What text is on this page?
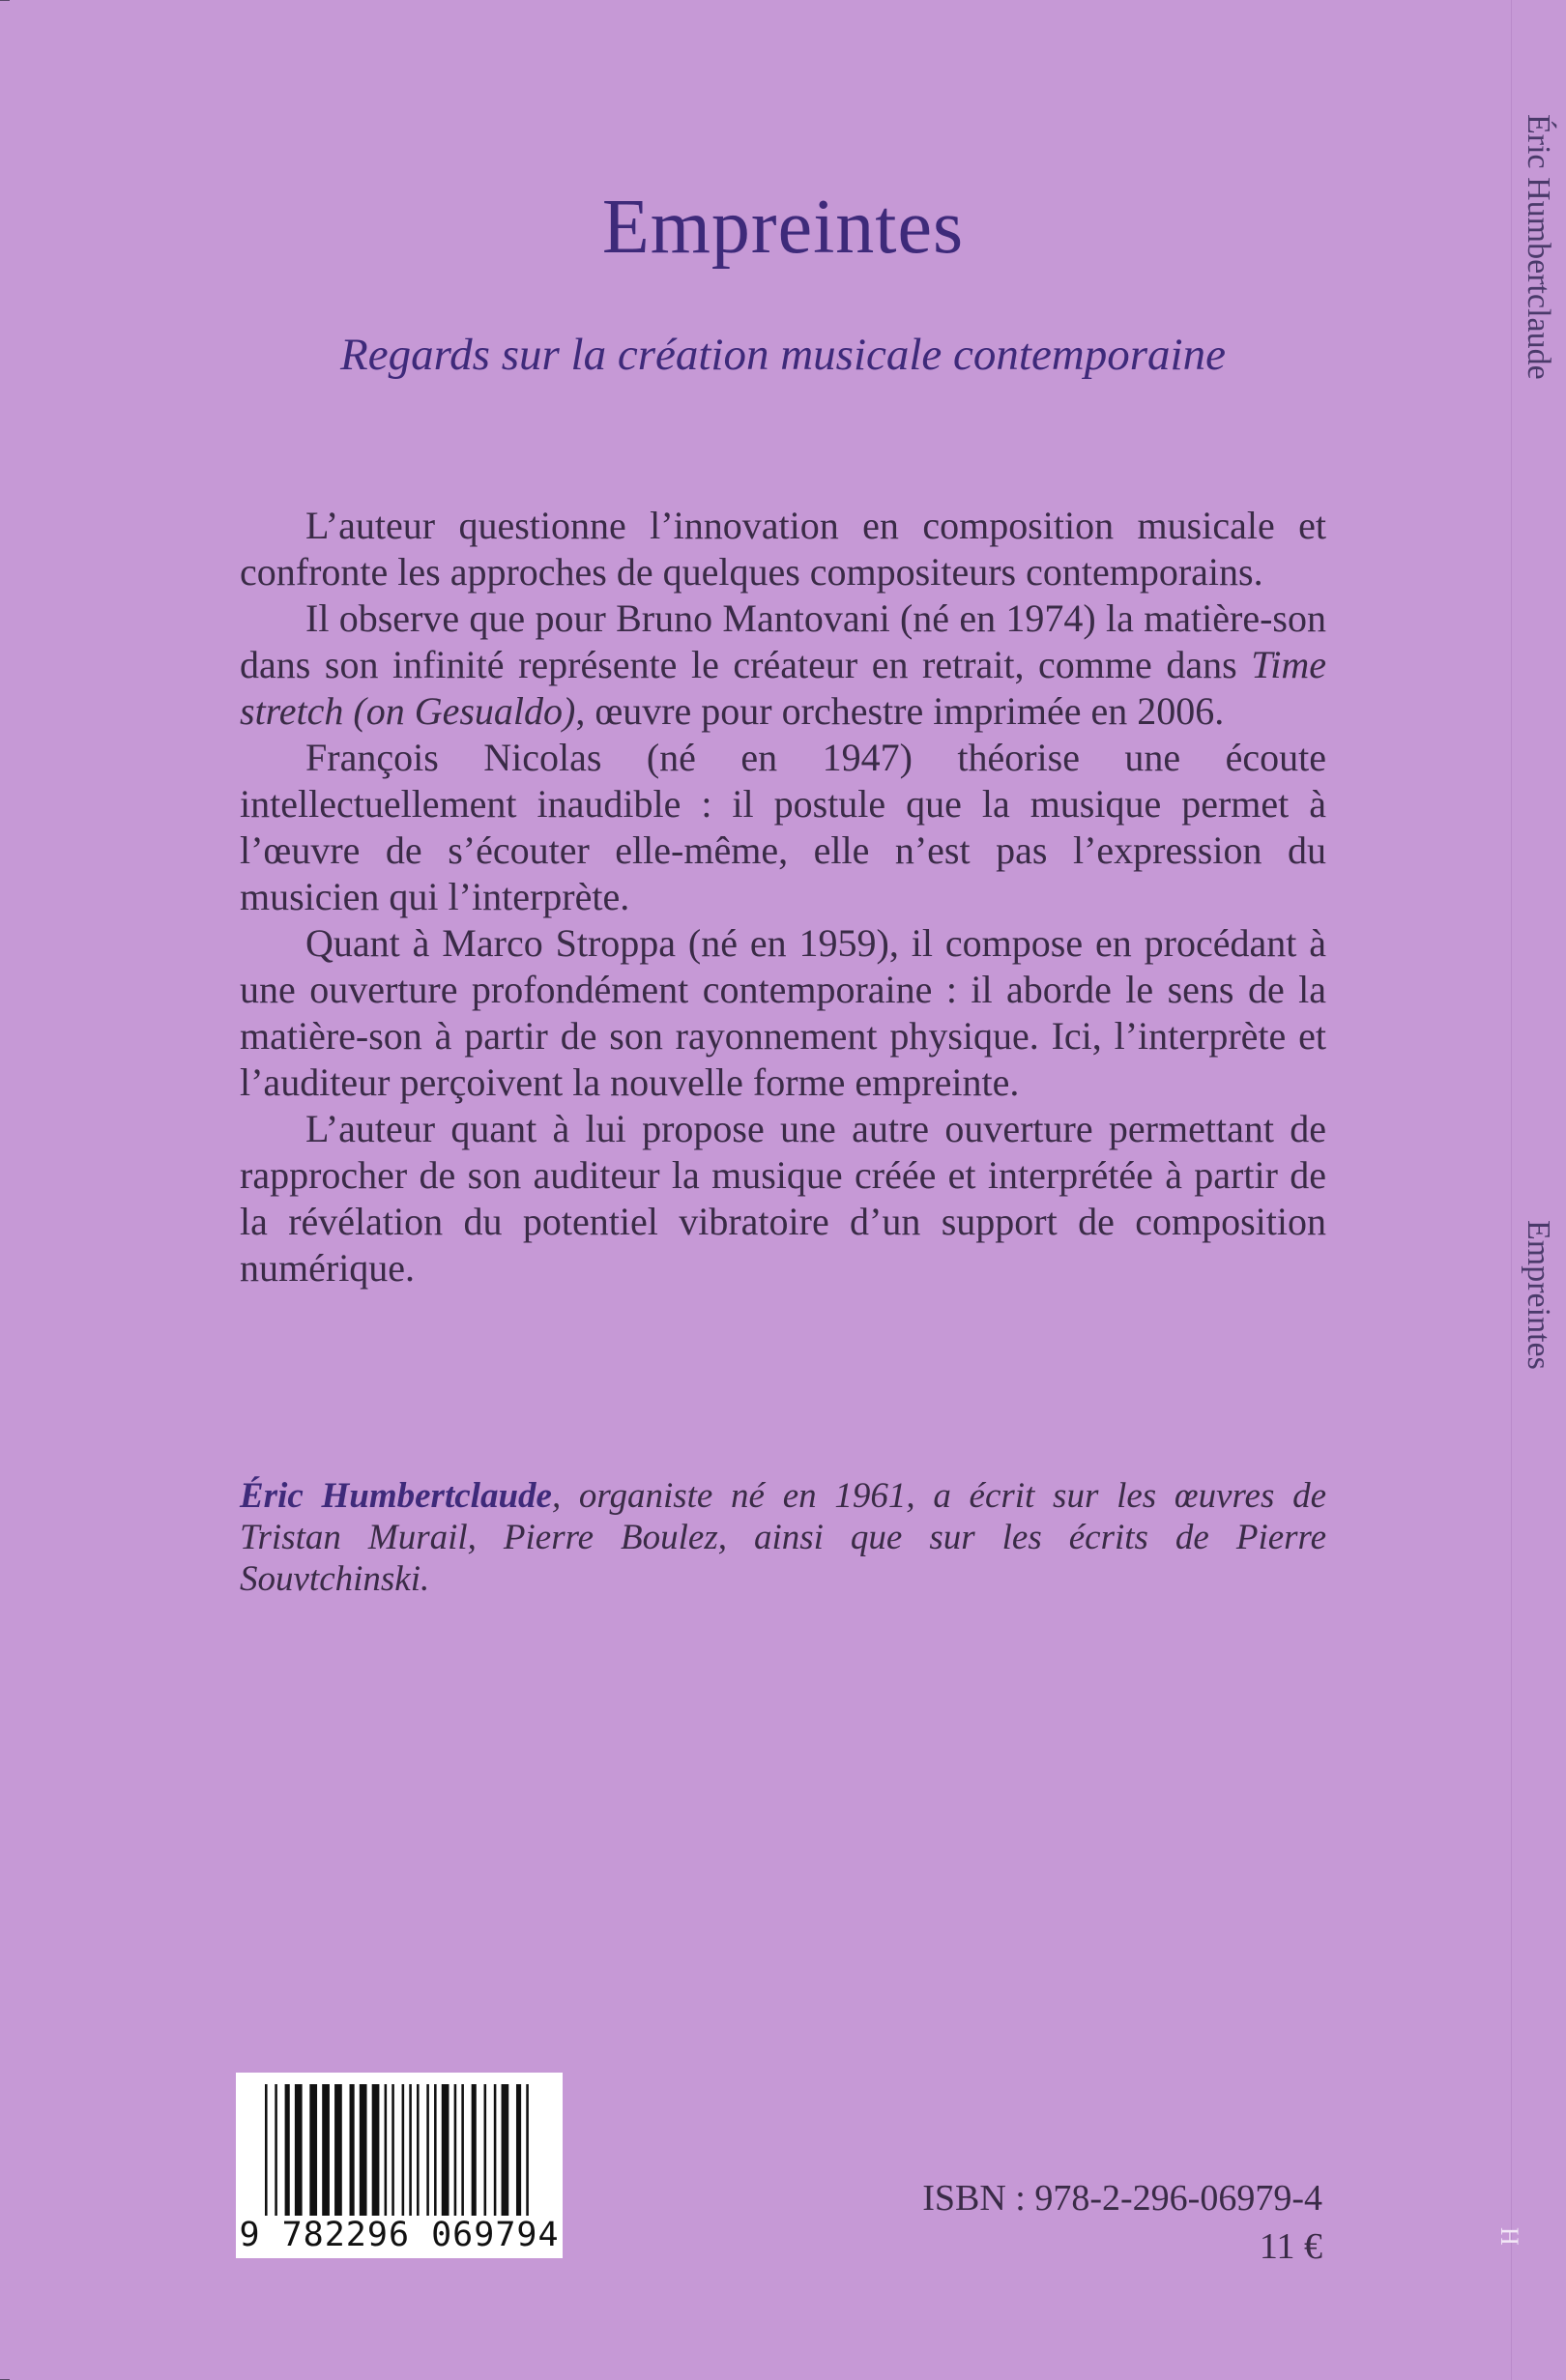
Empreintes
Regards sur la création musicale contemporaine

L’auteur questionne l’innovation en composition musicale et confronte les approches de quelques compositeurs contemporains.

Il observe que pour Bruno Mantovani (né en 1974) la matière-son dans son infinité représente le créateur en retrait, comme dans Time stretch (on Gesualdo), œuvre pour orchestre imprimée en 2006.

François Nicolas (né en 1947) théorise une écoute intellectuellement inaudible : il postule que la musique permet à l’œuvre de s’écouter elle-même, elle n’est pas l’expression du musicien qui l’interprète.

Quant à Marco Stroppa (né en 1959), il compose en procédant à une ouverture profondément contemporaine : il aborde le sens de la matière-son à partir de son rayonnement physique. Ici, l’interprète et l’auditeur perçoivent la nouvelle forme empreinte.

L’auteur quant à lui propose une autre ouverture permettant de rapprocher de son auditeur la musique créée et interprétée à partir de la révélation du potentiel vibratoire d’un support de composition numérique.

Éric Humbertclaude, organiste né en 1961, a écrit sur les œuvres de Tristan Murail, Pierre Boulez, ainsi que sur les écrits de Pierre Souvtchinski.
9 782296 069794
ISBN : 978-2-296-06979-4
11 €
Éric Humbertclaude
Empreintes
H
